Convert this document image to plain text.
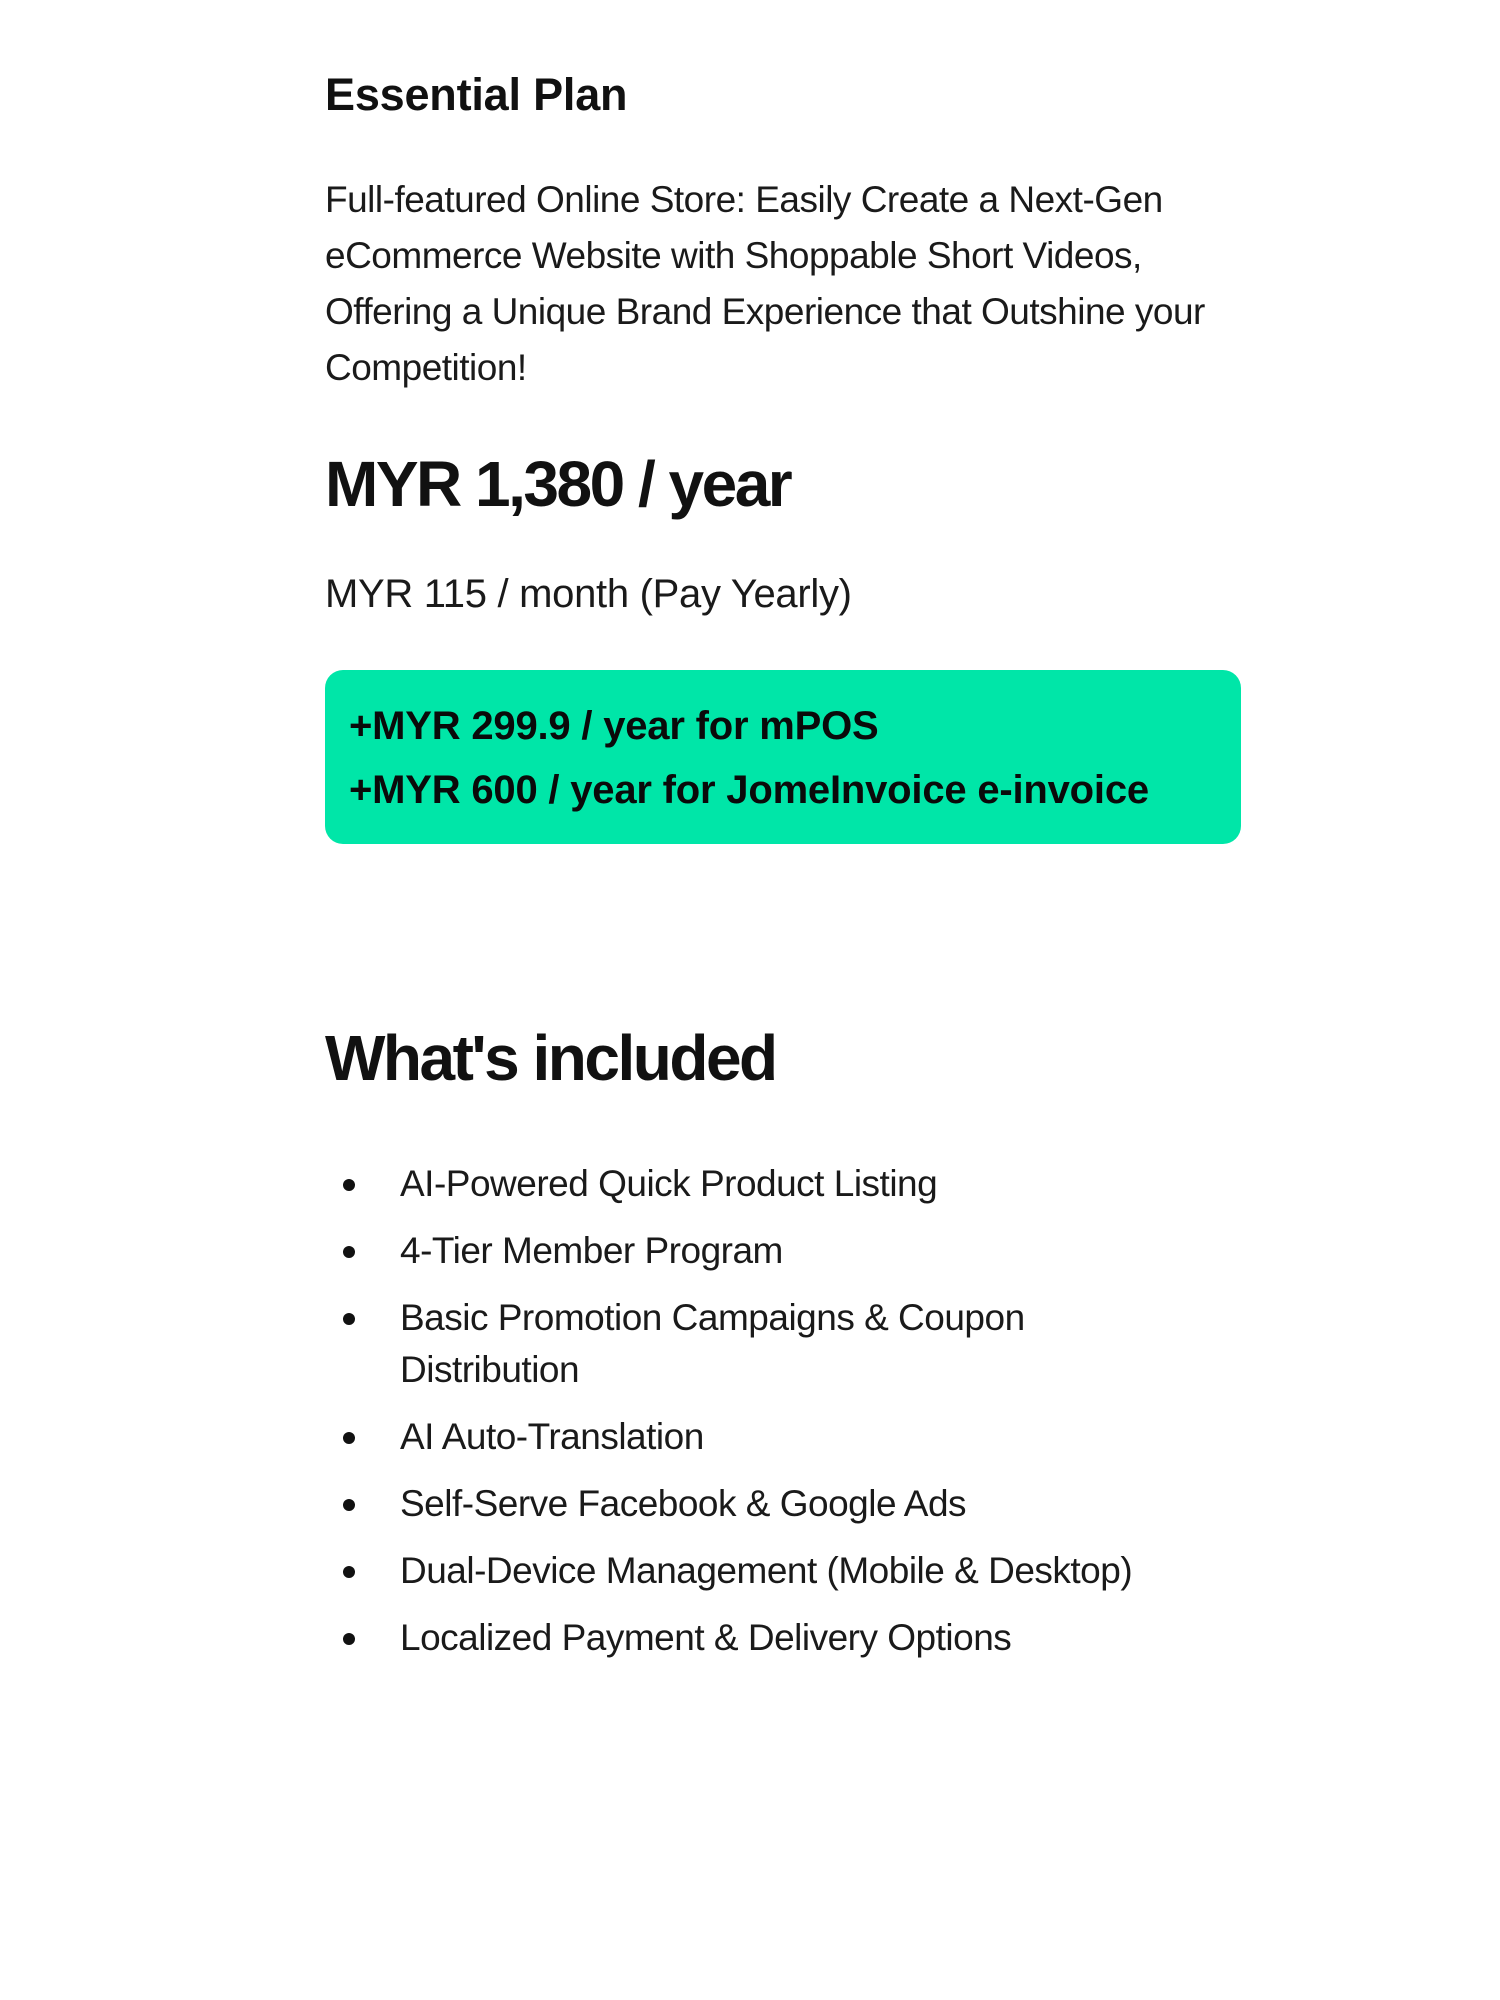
Essential Plan

Full-featured Online Store: Easily Create a Next-Gen eCommerce Website with Shoppable Short Videos, Offering a Unique Brand Experience that Outshine your Competition!

MYR 1,380 / year
MYR 115 / month (Pay Yearly)
+MYR 299.9 / year for mPOS
+MYR 600 / year for JomeInvoice e-invoice
What's included
AI-Powered Quick Product Listing
4-Tier Member Program
Basic Promotion Campaigns & Coupon Distribution
AI Auto-Translation
Self-Serve Facebook & Google Ads
Dual-Device Management (Mobile & Desktop)
Localized Payment & Delivery Options
